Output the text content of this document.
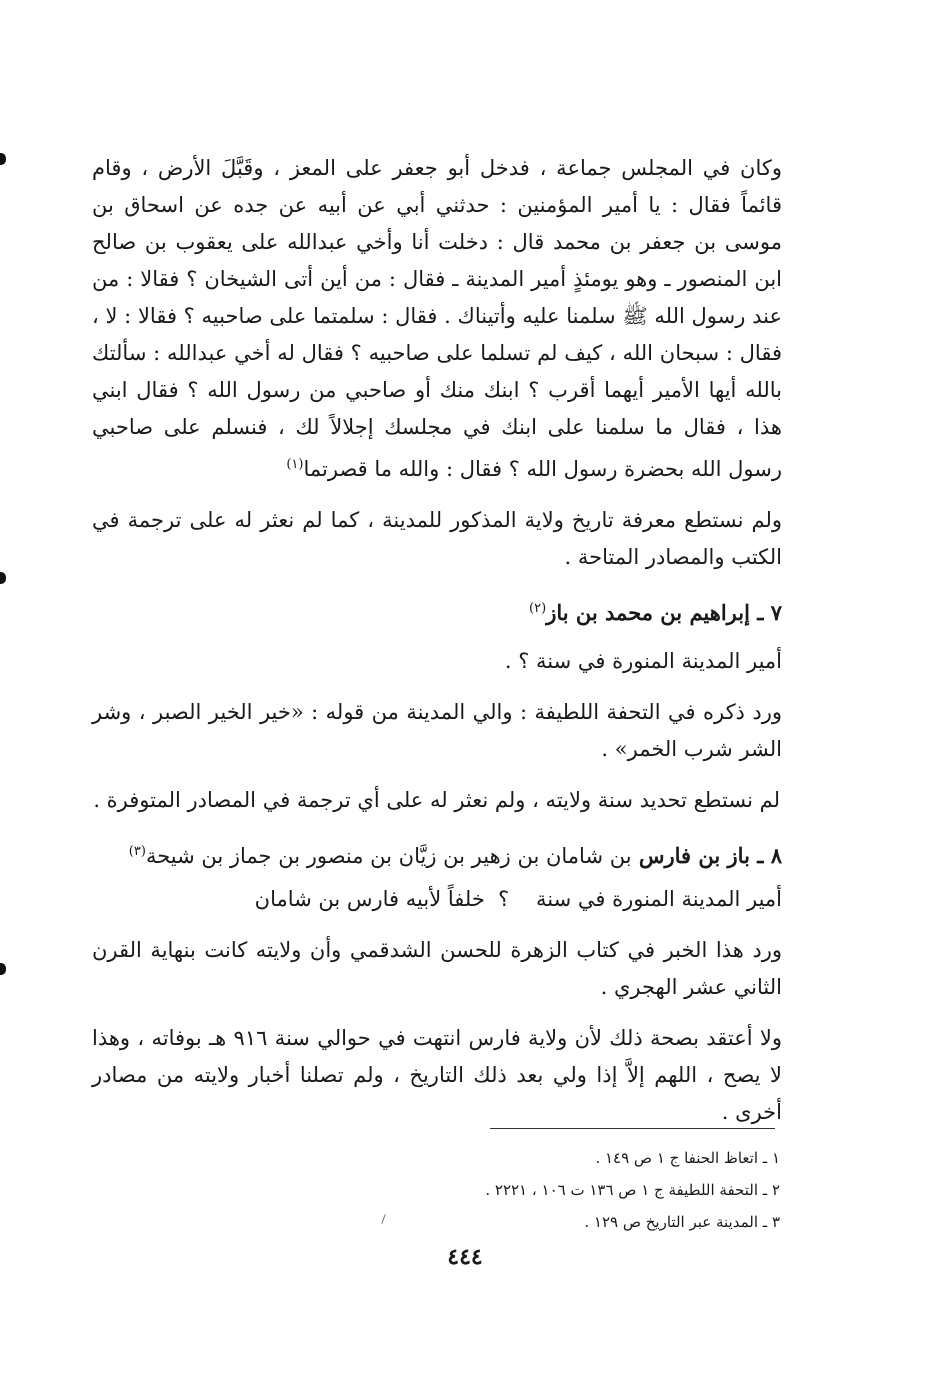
وكان في المجلس جماعة ، فدخل أبو جعفر على المعز ، وقَبَّلَ الأرض ، وقام قائماً فقال : يا أمير المؤمنين : حدثني أبي عن أبيه عن جده عن اسحاق بن موسى بن جعفر بن محمد قال : دخلت أنا وأخي عبدالله على يعقوب بن صالح ابن المنصور ـ وهو يومئذٍ أمير المدينة ـ فقال : من أين أتى الشيخان ؟ فقالا : من عند رسول الله ﷺ سلمنا عليه وأتيناك . فقال : سلمتما على صاحبيه ؟ فقالا : لا ، فقال : سبحان الله ، كيف لم تسلما على صاحبيه ؟ فقال له أخي عبدالله : سألتك بالله أيها الأمير أيهما أقرب ؟ ابنك منك أو صاحبي من رسول الله ؟ فقال ابني هذا ، فقال ما سلمنا على ابنك في مجلسك إجلالاً لك ، فنسلم على صاحبي رسول الله بحضرة رسول الله ؟ فقال : والله ما قصرتما$^{(١)}$

ولم نستطع معرفة تاريخ ولاية المذكور للمدينة ، كما لم نعثر له على ترجمة في الكتب والمصادر المتاحة .

٧ ـ إبراهيم بن محمد بن باز$^{(٢)}$

أمير المدينة المنورة في سنة ؟ .

ورد ذكره في التحفة اللطيفة : والي المدينة من قوله : «خير الخير الصبر ، وشر الشر شرب الخمر» .

لم نستطع تحديد سنة ولايته ، ولم نعثر له على أي ترجمة في المصادر المتوفرة .

٨ ـ باز بن فارس بن شامان بن زهير بن زيَّان بن منصور بن جماز بن شيحة$^{(٣)}$

أمير المدينة المنورة في سنة    ؟  خلفاً لأبيه فارس بن شامان

ورد هذا الخبر في كتاب الزهرة للحسن الشدقمي وأن ولايته كانت بنهاية القرن الثاني عشر الهجري .

ولا أعتقد بصحة ذلك لأن ولاية فارس انتهت في حوالي سنة ٩١٦ هـ بوفاته ، وهذا لا يصح ، اللهم إلاَّ إذا ولي بعد ذلك التاريخ ، ولم تصلنا أخبار ولايته من مصادر أخرى .

١ ـ اتعاظ الحنفا ج ١ ص ١٤٩ .
٢ ـ التحفة اللطيفة ج ١ ص ١٣٦ ت ١٠٦ ، ٢٢٢١ .
٣ ـ المدينة عبر التاريخ ص ١٢٩ .
٤٤٤
